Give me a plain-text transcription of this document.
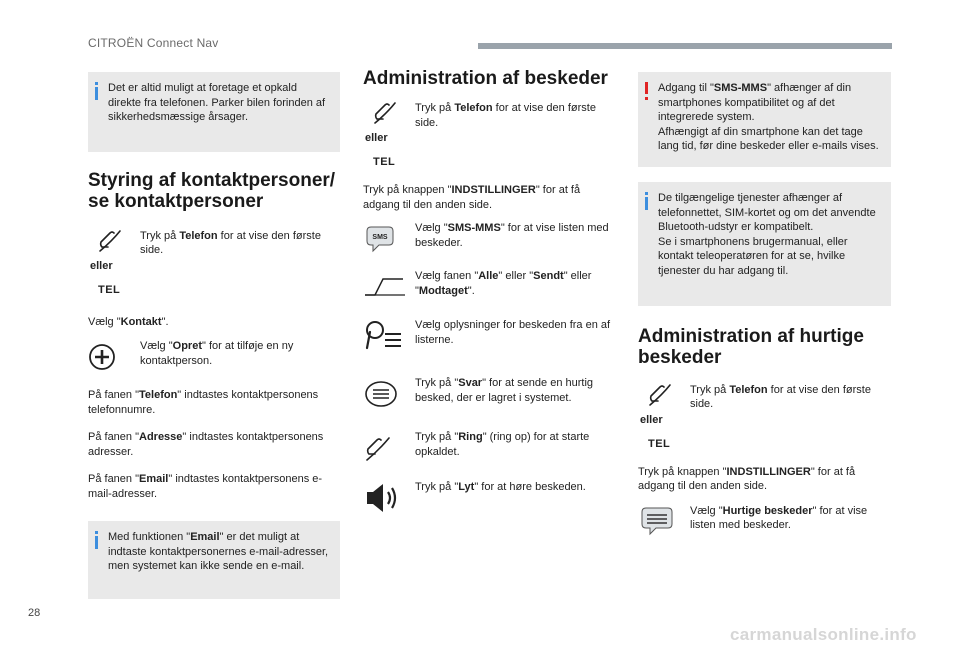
CITROËN Connect Nav

Det er altid muligt at foretage et opkald direkte fra telefonen. Parker bilen forinden af sikkerhedsmæssige årsager.

Styring af kontaktpersoner/ se kontaktpersoner
eller
TEL

Tryk på Telefon for at vise den første side.

Vælg "Kontakt".

Vælg "Opret" for at tilføje en ny kontaktperson.

På fanen "Telefon" indtastes kontaktpersonens telefonnumre.

På fanen "Adresse" indtastes kontaktpersonens adresser.

På fanen "Email" indtastes kontaktpersonens e-mail-adresser.

Med funktionen "Email" er det muligt at indtaste kontaktpersonernes e-mail-adresser, men systemet kan ikke sende en e-mail.

Administration af beskeder
eller
TEL

Tryk på Telefon for at vise den første side.

Tryk på knappen "INDSTILLINGER" for at få adgang til den anden side.

SMS

Vælg "SMS-MMS" for at vise listen med beskeder.

Vælg fanen "Alle" eller "Sendt" eller "Modtaget".

Vælg oplysninger for beskeden fra en af listerne.

Tryk på "Svar" for at sende en hurtig besked, der er lagret i systemet.

Tryk på "Ring" (ring op) for at starte opkaldet.

Tryk på "Lyt" for at høre beskeden.

Adgang til "SMS-MMS" afhænger af din smartphones kompatibilitet og af det integrerede system.

Afhængigt af din smartphone kan det tage lang tid, før dine beskeder eller e-mails vises.

De tilgængelige tjenester afhænger af telefonnettet, SIM-kortet og om det anvendte Bluetooth-udstyr er kompatibelt.

Se i smartphonens brugermanual, eller kontakt teleoperatøren for at se, hvilke tjenester du har adgang til.

Administration af hurtige beskeder
eller
TEL

Tryk på Telefon for at vise den første side.

Tryk på knappen "INDSTILLINGER" for at få adgang til den anden side.

Vælg "Hurtige beskeder" for at vise listen med beskeder.

28
carmanualsonline.info
